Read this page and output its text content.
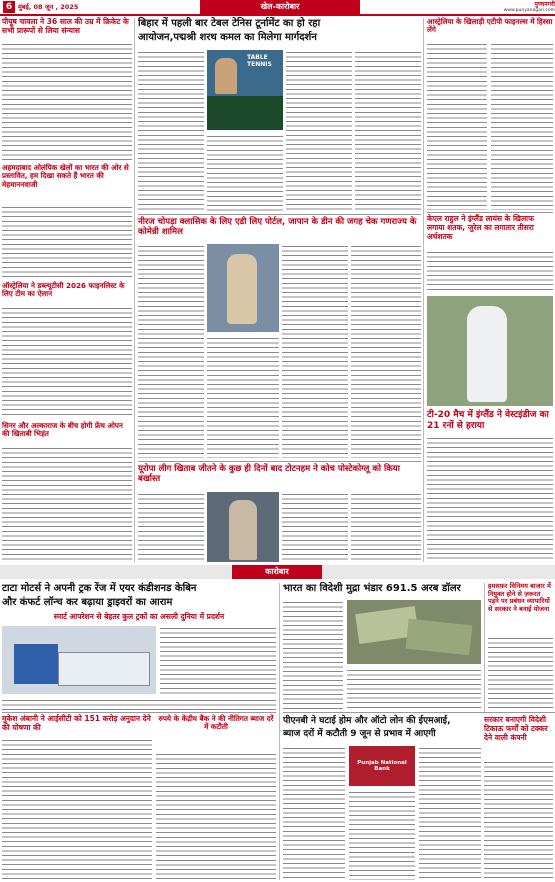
6 मुंबई, 08 जून , 2025	खेल-कारोबार	पुण्यनगरी
www.punyanagari.com
पीयूष चावला ने 36 साल की उम्र में क्रिकेट के सभी प्रारूपों से लिया संन्यास
अहमदाबाद ओलंपिक खेलों का भारत की ओर से प्रस्तावित, हम दिखा सकते हैं भारत की मेहमाननवाजी
ऑस्ट्रेलिया ने डब्ल्यूटीसी 2026 फाइनलिस्ट के लिए टीम का ऐलान
सिनर और अल्काराज के बीच होगी फ्रेंच ओपन की खिताबी भिड़ंत
बिहार में पहली बार टेबल टेनिस टूर्नामेंट का हो रहा
आयोजन,पद्मश्री शरथ कमल का मिलेगा मार्गदर्शन
TABLE TENNIS
नीरज चोपड़ा क्लासिक के लिए एडी लिए पोर्टल, जापान के डीन की जगह चेक गणराज्य के कोमेन्नी शामिल
यूरोपा लीग खिताब जीतने के कुछ ही दिनों बाद टोटनहम ने कोच पोस्टेकोग्लू को किया बर्खास्त
आस्ट्रेलिया के खिलाड़ी एटीपी फाइनल्स में हिस्सा लेंगे
केएल राहुल ने इंग्लैंड लायंस के खिलाफ लगाया शतक, जुरेल का लगातार तीसरा अर्धशतक
टी-20 मैच में इंग्लैंड ने वेस्टइंडीज का 21 रनों से हराया
कारोबार
टाटा मोटर्स ने अपनी ट्रक रेंज में एयर कंडीशनड केबिन
और कंफर्ट लॉन्च कर बढ़ाया ड्राइवरों का आराम
स्मार्ट आपरेशन से बेहतर कुल ट्रकों का असली दुनिया में प्रदर्शन
मुकेश अंबानी ने आईसीटी को 151 करोड़ अनुदान देने की घोषणा की
रुपये के केंद्रीय बैंक ने की नीतिगत ब्याज दरें में कटौती
भारत का विदेशी मुद्रा भंडार 691.5 अरब डॉलर
पीएनबी ने घटाई होम और ऑटो लोन की ईएमआई,
ब्याज दरों में कटौती 9 जून से प्रभाव में आएगी
Punjab National Bank
हमसफ़र विनिमय बाजार में नियुक्त होने से ज़रूरत पड़ने पर प्रबंधन व्यापारियों से सरकार ने बनाई योजना
सरकार बनाएगी विदेशी टिकाऊ फर्मों को टक्कर देने वाली कंपनी
